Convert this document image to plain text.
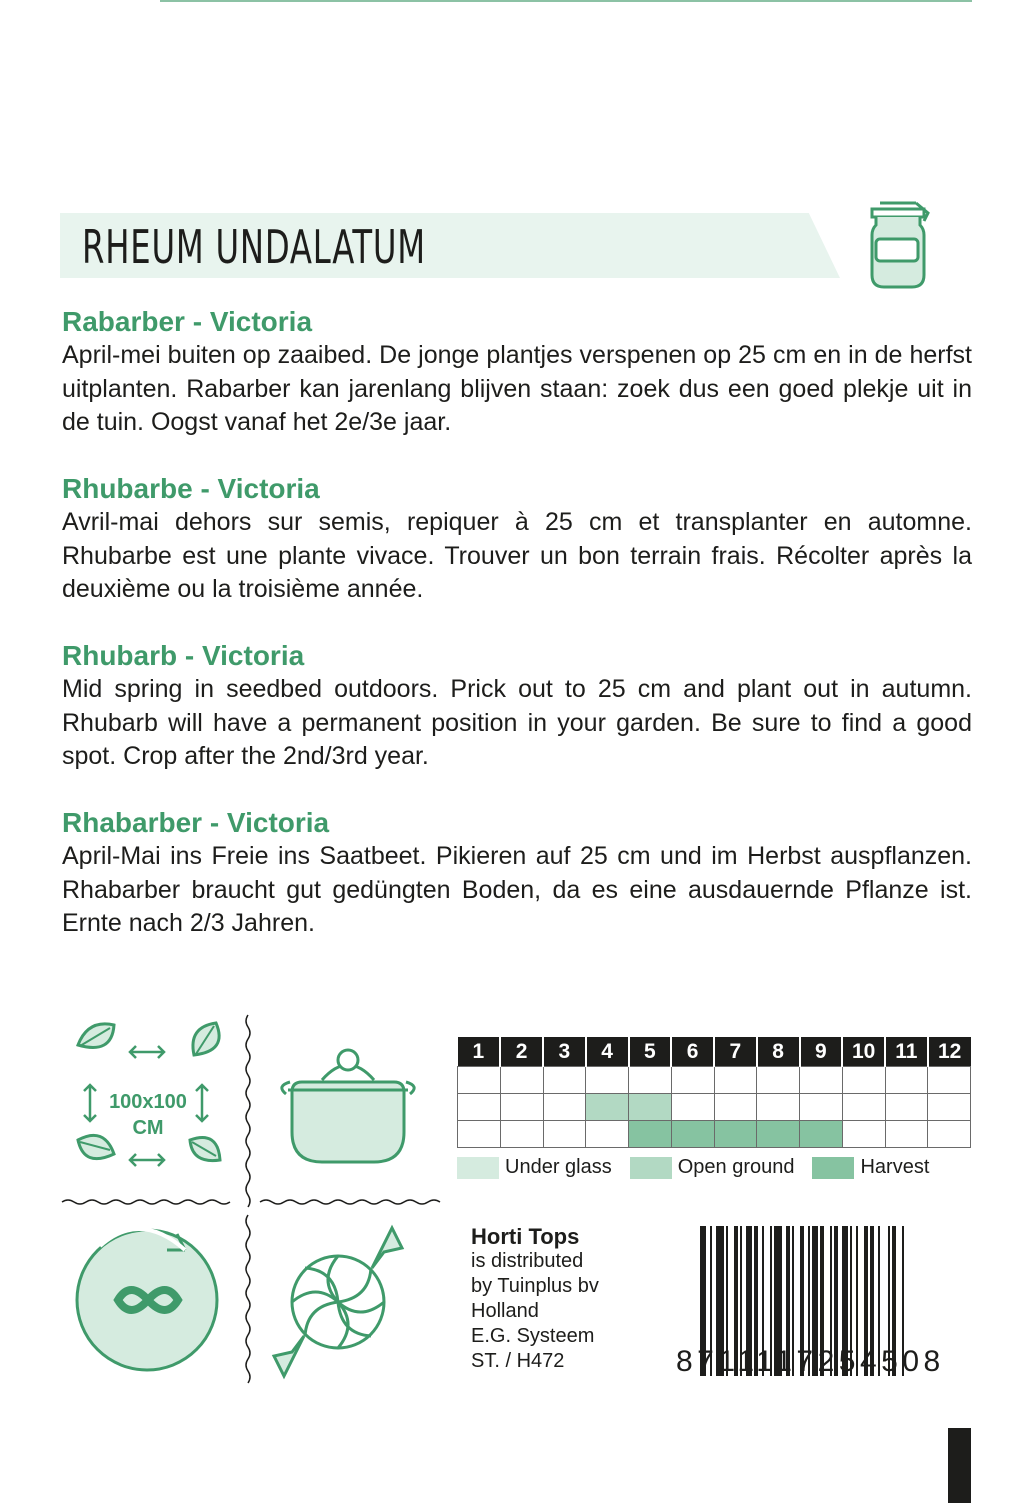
RHEUM UNDALATUM
Rabarber - Victoria

April-mei buiten op zaaibed. De jonge plantjes verspenen op 25 cm en in de herfst uitplanten. Rabarber kan jarenlang blijven staan: zoek dus een goed plekje uit in de tuin. Oogst vanaf het 2e/3e jaar.

Rhubarbe - Victoria

Avril-mai dehors sur semis, repiquer à 25 cm et transplanter en automne. Rhubarbe est une plante vivace. Trouver un bon terrain frais. Récolter après la deuxième ou la troisième année.

Rhubarb - Victoria

Mid spring in seedbed outdoors. Prick out to 25 cm and plant out in autumn. Rhubarb will have a permanent position in your garden. Be sure to find a good spot. Crop after the 2nd/3rd year.

Rhabarber - Victoria

April-Mai ins Freie ins Saatbeet. Pikieren auf 25 cm und im Herbst auspflanzen. Rhabarber braucht gut gedüngten Boden, da es eine ausdauernde Pflanze ist. Ernte nach 2/3 Jahren.

100x100
CM
1	2	3	4	5	6	7	8	9	10	11	12

Under glass	Open ground	Harvest
Horti Tops
is distributed
by Tuinplus bv
Holland
E.G. Systeem
ST. / H472	8711117254508
